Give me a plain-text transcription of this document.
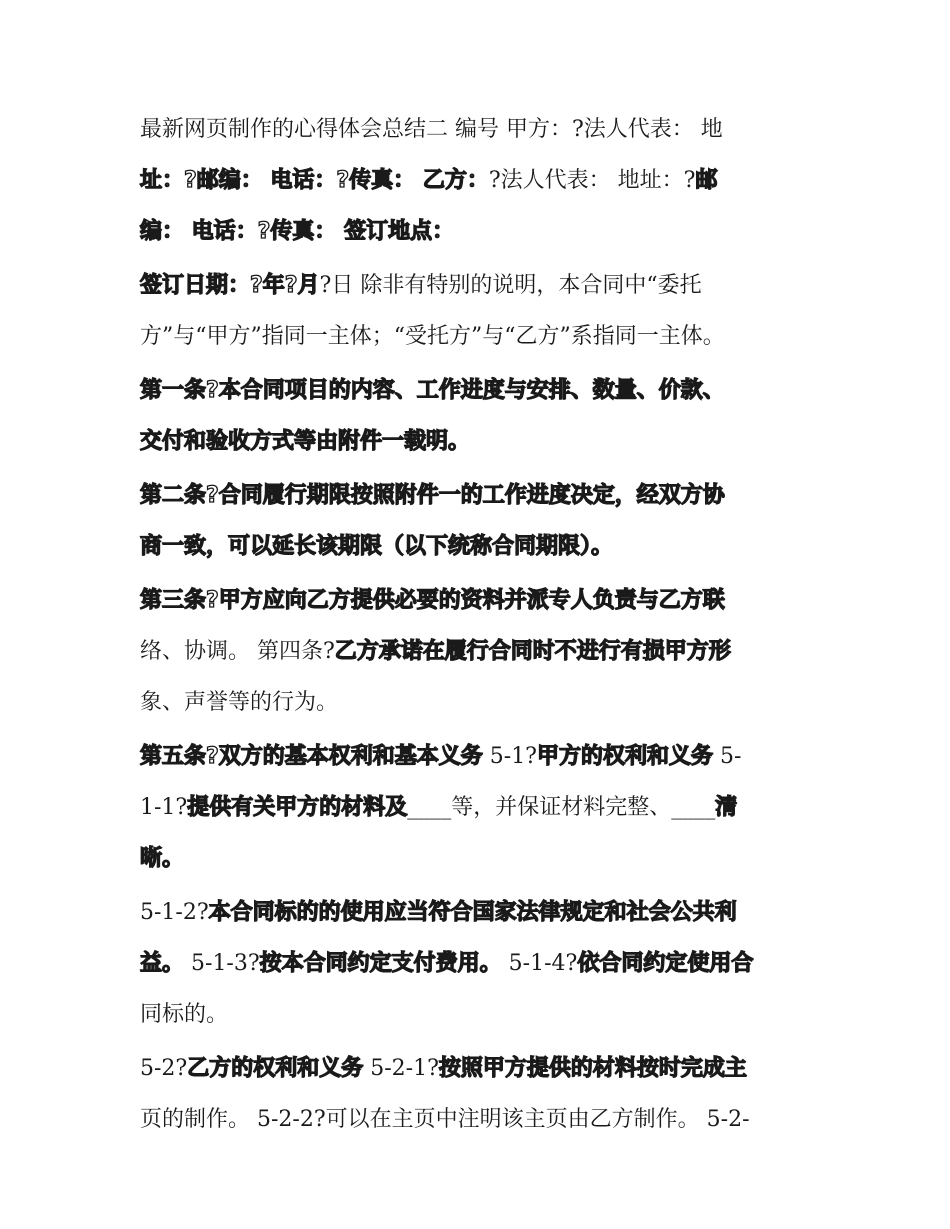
最新网页制作的心得体会总结二 编号 甲方：?法人代表： 地
址：?邮编： 电话：?传真： 乙方：?法人代表： 地址：?邮
编： 电话：?传真： 签订地点：
签订日期：?年?月?日 除非有特别的说明，本合同中“委托
方”与“甲方”指同一主体；“受托方”与“乙方”系指同一主体。
第一条?本合同项目的内容、工作进度与安排、数量、价款、
交付和验收方式等由附件一载明。
第二条?合同履行期限按照附件一的工作进度决定，经双方协
商一致，可以延长该期限（以下统称合同期限）。
第三条?甲方应向乙方提供必要的资料并派专人负责与乙方联
络、协调。 第四条?乙方承诺在履行合同时不进行有损甲方形
象、声誉等的行为。
第五条?双方的基本权利和基本义务 5-1?甲方的权利和义务 5-
1-1?提供有关甲方的材料及____等，并保证材料完整、____清
晰。
5-1-2?本合同标的的使用应当符合国家法律规定和社会公共利
益。 5-1-3?按本合同约定支付费用。 5-1-4?依合同约定使用合
同标的。
5-2?乙方的权利和义务 5-2-1?按照甲方提供的材料按时完成主
页的制作。 5-2-2?可以在主页中注明该主页由乙方制作。 5-2-
